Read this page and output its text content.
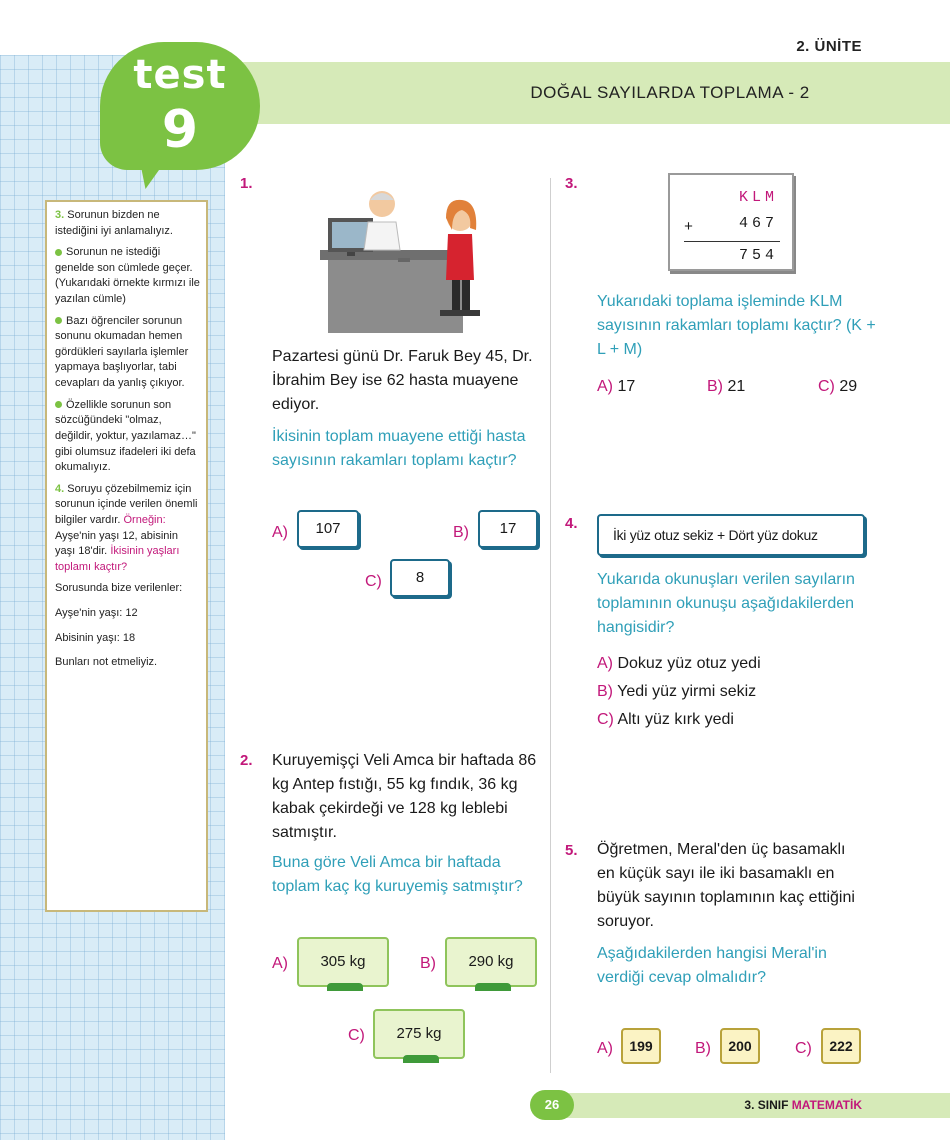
DOĞAL SAYILARDA TOPLAMA - 2
2. ÜNİTE
test
9

3. Sorunun bizden ne istediğini iyi anlamalıyız.

Sorunun ne istediği genelde son cümlede geçer. (Yukarıdaki örnekte kırmızı ile yazılan cümle)

Bazı öğrenciler sorunun sonunu okumadan hemen gördükleri sayılarla işlemler yapmaya başlıyorlar, tabi cevapları da yanlış çıkıyor.

Özellikle sorunun son sözcüğündeki "olmaz, değildir, yoktur, yazılamaz…" gibi olumsuz ifadeleri iki defa okumalıyız.

4. Soruyu çözebilmemiz için sorunun içinde verilen önemli bilgiler vardır. Örneğin: Ayşe'nin yaşı 12, abisinin yaşı 18'dir. İkisinin yaşları toplamı kaçtır?

Sorusunda bize verilenler:

Ayşe'nin yaşı: 12

Abisinin yaşı: 18

Bunları not etmeliyiz.

1.
Pazartesi günü Dr. Faruk Bey 45, Dr. İbrahim Bey ise 62 hasta muayene ediyor.
İkisinin toplam muayene ettiği hasta sayısının rakamları toplamı kaçtır?
A)	107	B)	17
C)	8
2. Kuruyemişçi Veli Amca bir haftada 86 kg Antep fıstığı, 55 kg fındık, 36 kg kabak çekirdeği ve 128 kg leblebi satmıştır.
Buna göre Veli Amca bir haftada toplam kaç kg kuruyemiş satmıştır?
A)	305 kg	B)	290 kg
C)	275 kg
3.
KLM
+	467
754
Yukarıdaki toplama işleminde KLM sayısının rakamları toplamı kaçtır? (K + L + M)
A) 17	B) 21	C) 29
4.
İki yüz otuz sekiz + Dört yüz dokuz
Yukarıda okunuşları verilen sayıların toplamının okunuşu aşağıdakilerden hangisidir?
A) Dokuz yüz otuz yedi
B) Yedi yüz yirmi sekiz
C) Altı yüz kırk yedi
5. Öğretmen, Meral'den üç basamaklı en küçük sayı ile iki basamaklı en büyük sayının toplamının kaç ettiğini soruyor.
Aşağıdakilerden hangisi Meral'in verdiği cevap olmalıdır?
A)	199	B)	200	C)	222
26	3. SINIF MATEMATİK
